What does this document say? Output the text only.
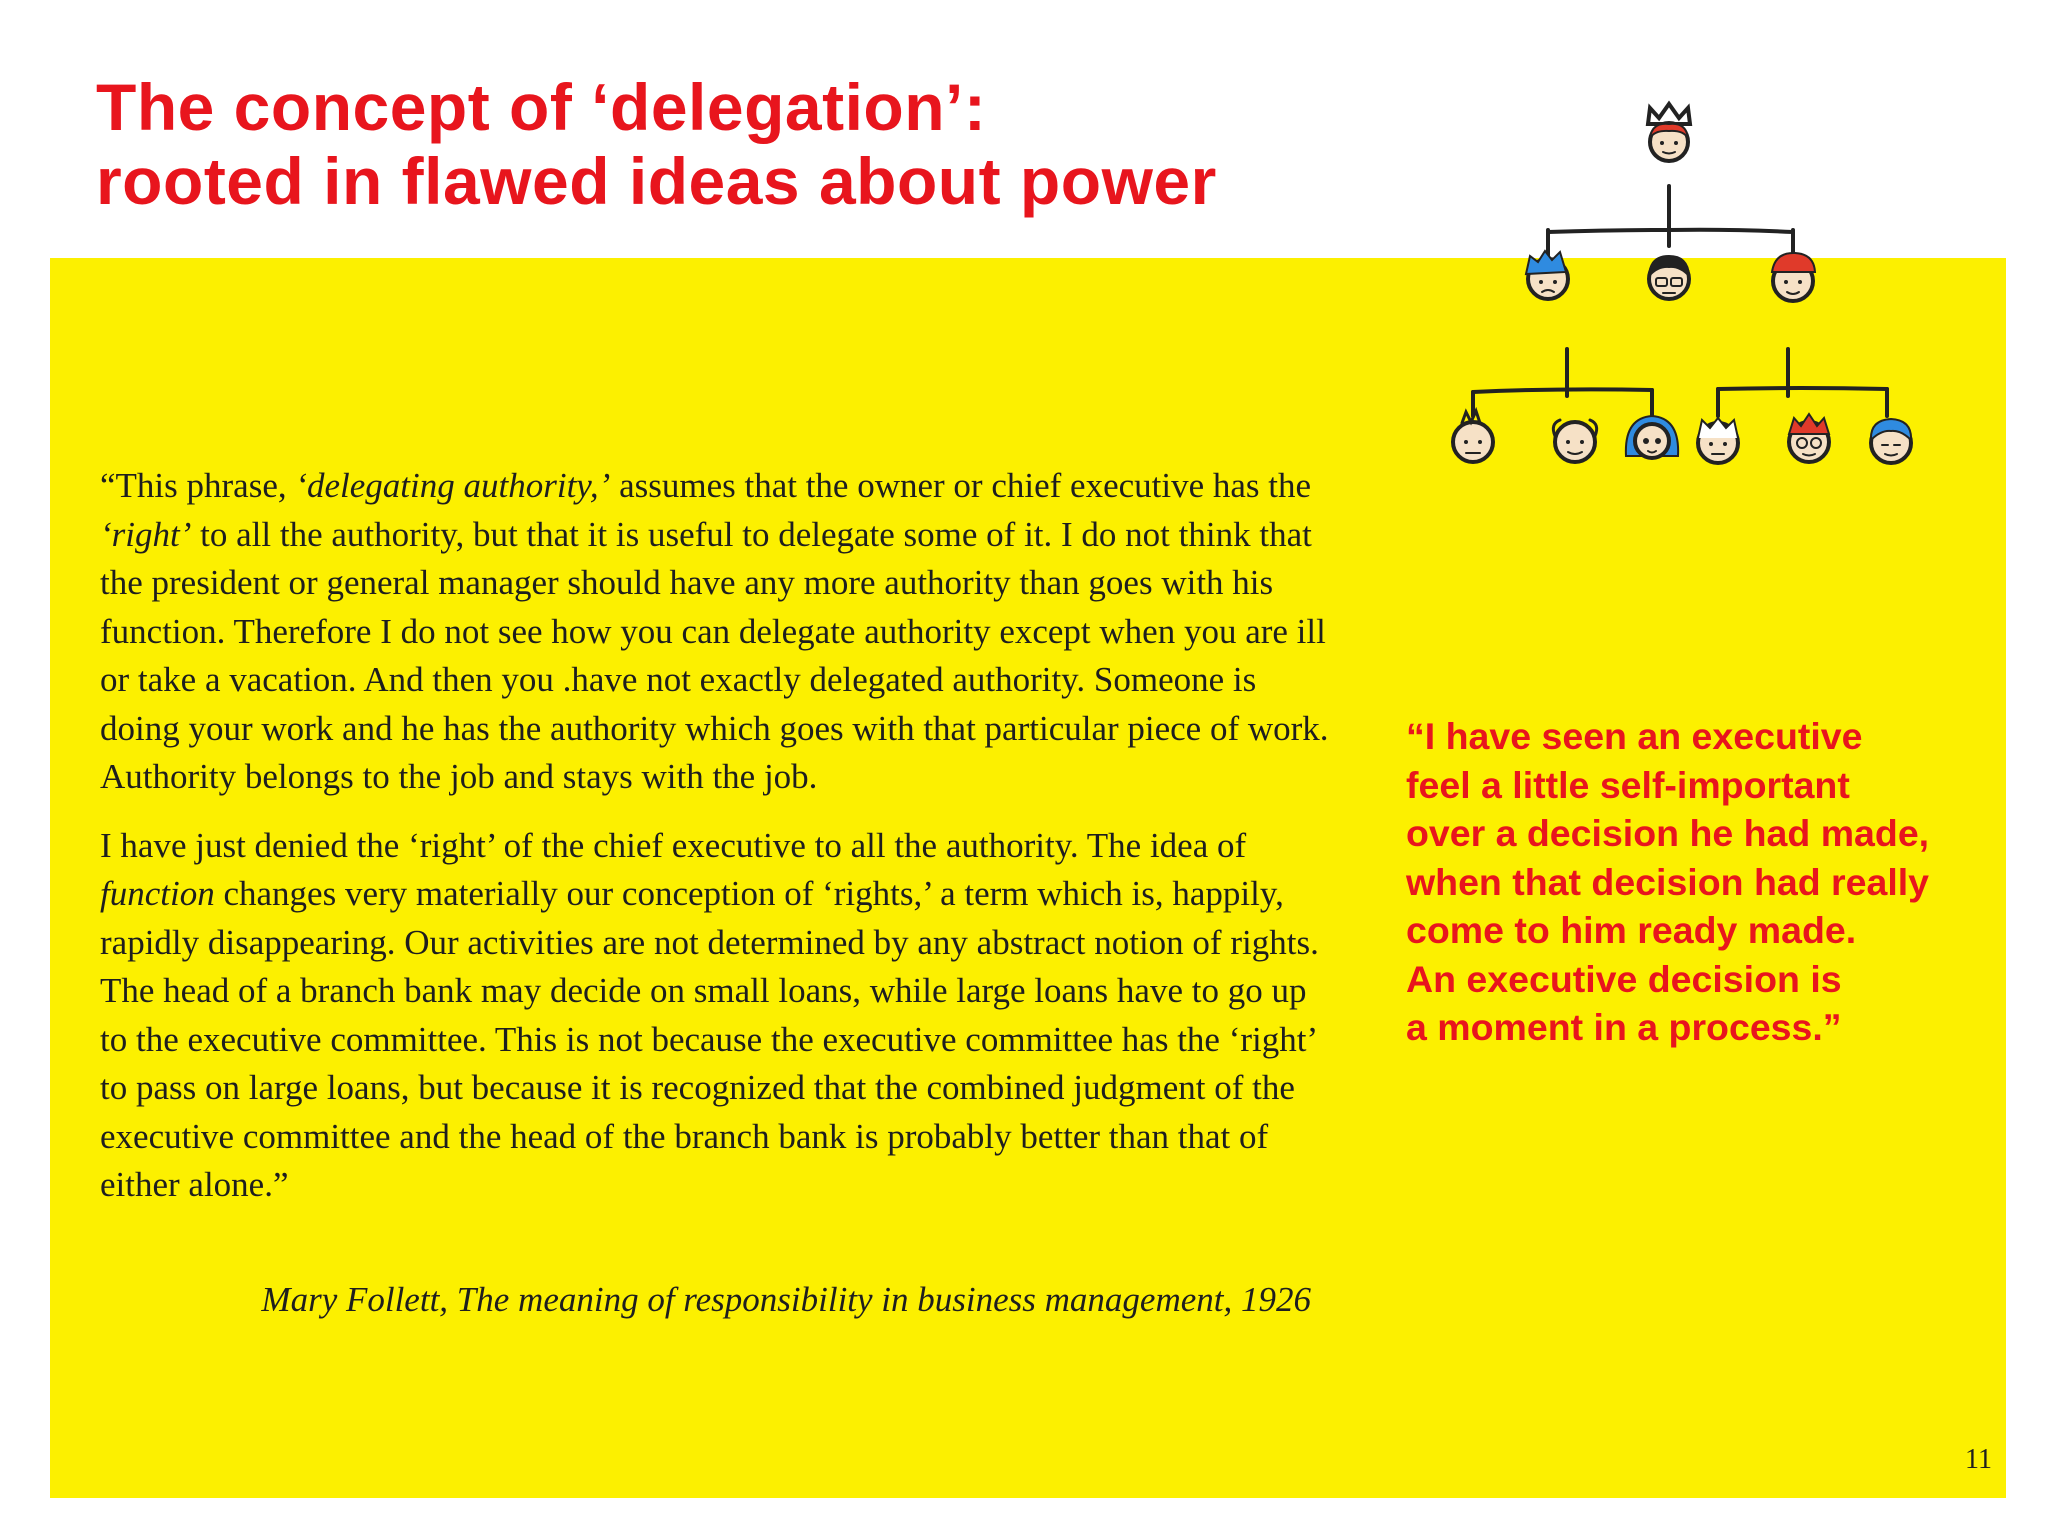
The concept of ‘delegation’:
rooted in flawed ideas about power

“This phrase, ‘delegating authority,’ assumes that the owner or chief executive has the ‘right’ to all the authority, but that it is useful to delegate some of it. I do not think that the president or general manager should have any more authority than goes with his function. Therefore I do not see how you can delegate authority except when you are ill or take a vacation. And then you .have not exactly delegated authority. Someone is doing your work and he has the authority which goes with that particular piece of work. Authority belongs to the job and stays with the job.

I have just denied the ‘right’ of the chief executive to all the authority. The idea of function changes very materially our conception of ‘rights,’ a term which is, happily, rapidly disappearing. Our activities are not determined by any abstract notion of rights. The head of a branch bank may decide on small loans, while large loans have to go up to the executive committee. This is not because the executive committee has the ‘right’ to pass on large loans, but because it is recognized that the combined judgment of the executive committee and the head of the branch bank is probably better than that of either alone.”

Mary Follett, The meaning of responsibility in business management, 1926
“I have seen an executive
feel a little self-important
over a decision he had made,
when that decision had really
come to him ready made.
An executive decision is
a moment in a process.”
11
